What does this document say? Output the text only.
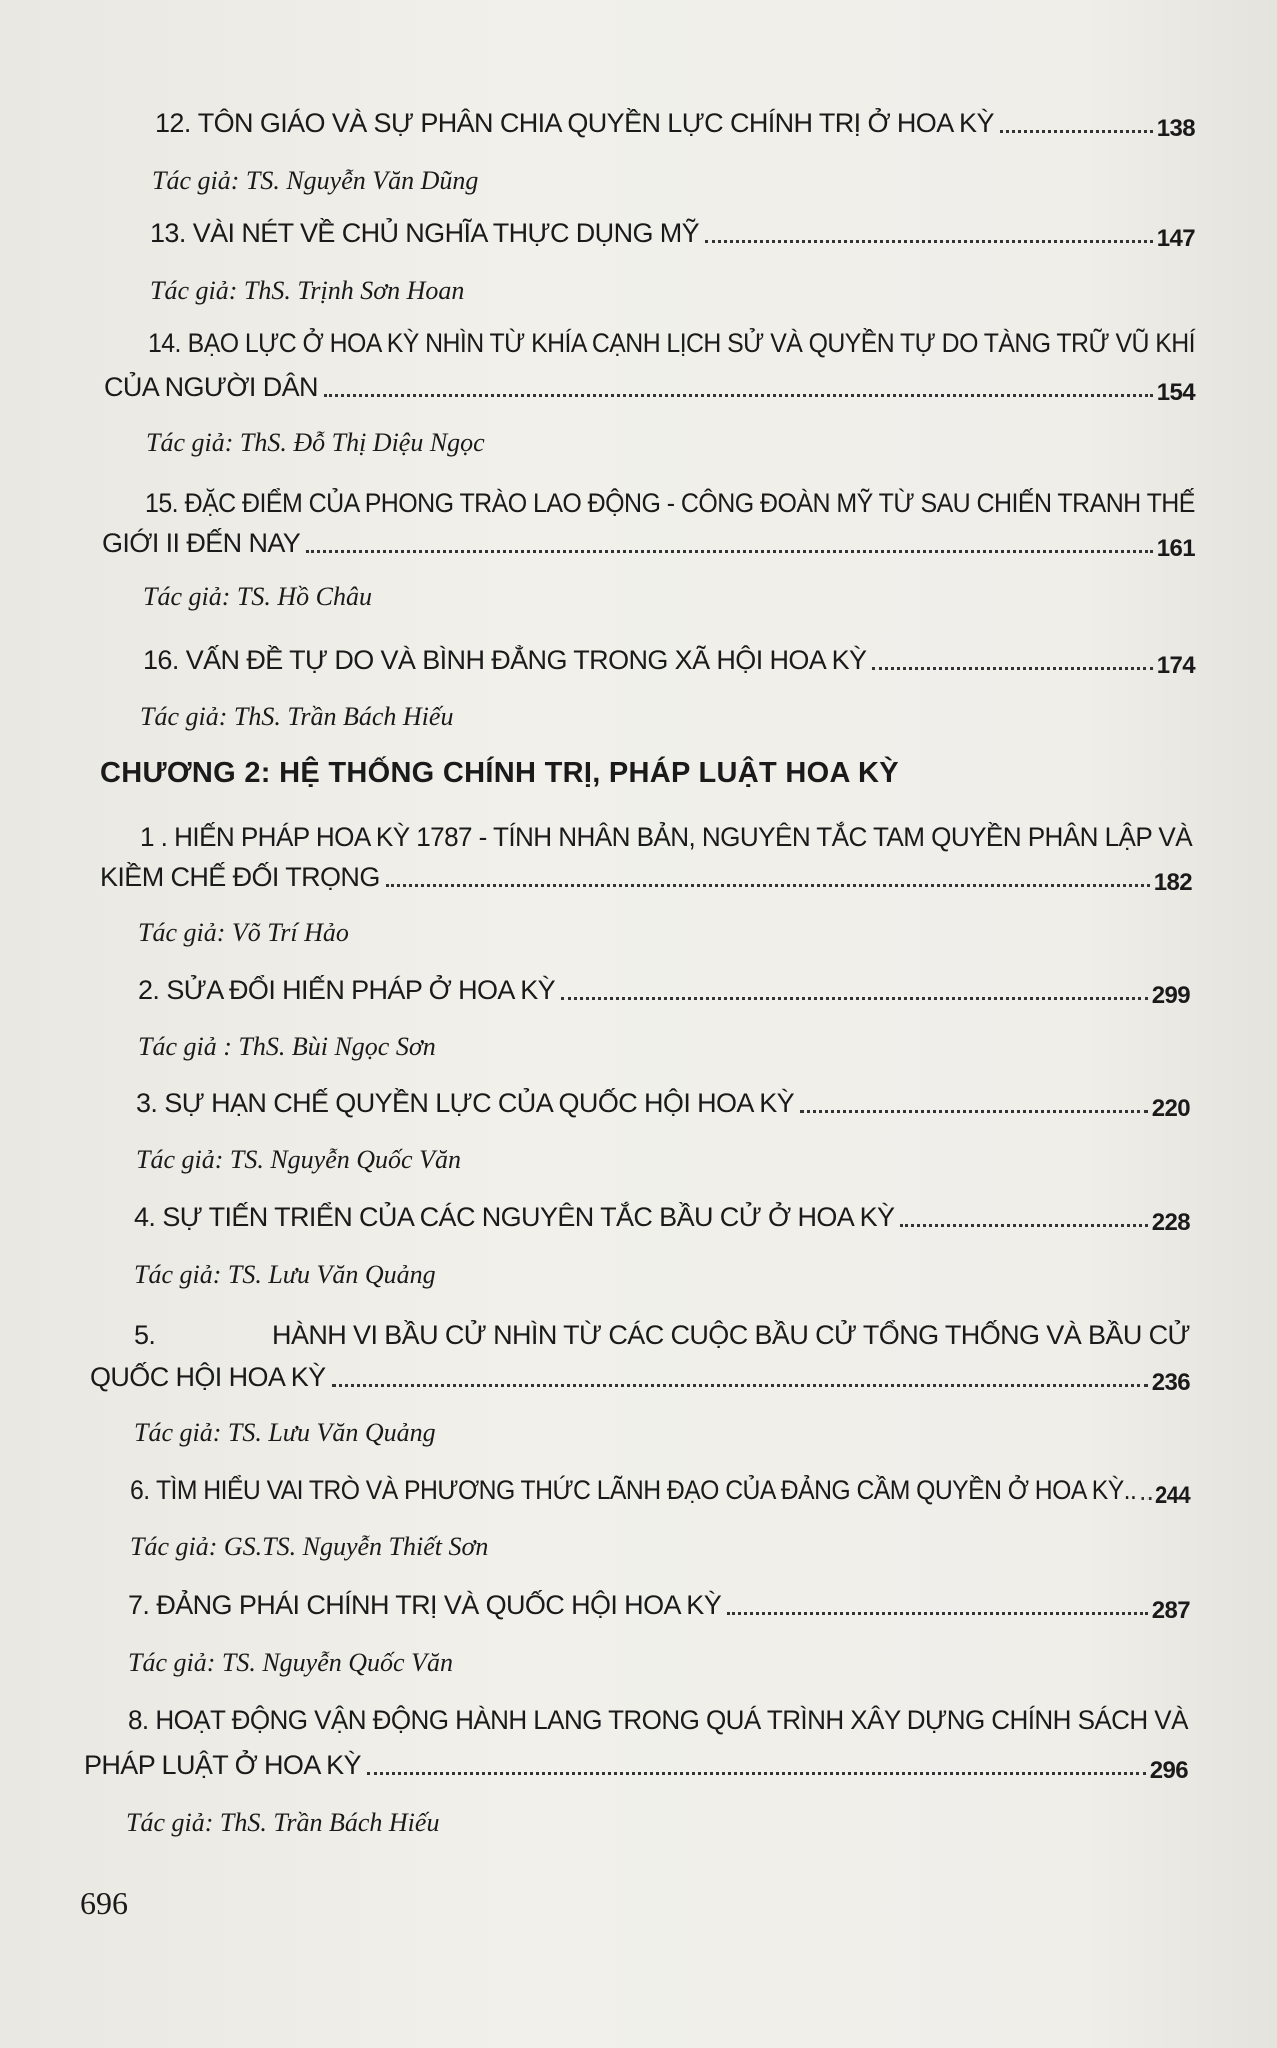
CHƯƠNG 2: HỆ THỐNG CHÍNH TRỊ, PHÁP LUẬT HOA KỲ
12. TÔN GIÁO VÀ SỰ PHÂN CHIA QUYỀN LỰC CHÍNH TRỊ Ở HOA KỲ	138
Tác giả: TS. Nguyễn Văn Dũng
13. VÀI NÉT VỀ CHỦ NGHĨA THỰC DỤNG MỸ	147
Tác giả: ThS. Trịnh Sơn Hoan
14. BẠO LỰC Ở HOA KỲ NHÌN TỪ KHÍA CẠNH LỊCH SỬ VÀ QUYỀN TỰ DO TÀNG TRỮ VŨ KHÍ
CỦA NGƯỜI DÂN	154
Tác giả: ThS. Đỗ Thị Diệu Ngọc
15. ĐẶC ĐIỂM CỦA PHONG TRÀO LAO ĐỘNG - CÔNG ĐOÀN MỸ TỪ SAU CHIẾN TRANH THẾ
GIỚI II ĐẾN NAY	161
Tác giả: TS. Hồ Châu
16. VẤN ĐỀ TỰ DO VÀ BÌNH ĐẲNG TRONG XÃ HỘI HOA KỲ	174
Tác giả: ThS. Trần Bách Hiếu
1 . HIẾN PHÁP HOA KỲ 1787 - TÍNH NHÂN BẢN, NGUYÊN TẮC TAM QUYỀN PHÂN LẬP VÀ
KIỀM CHẾ ĐỐI TRỌNG	182
Tác giả: Võ Trí Hảo
2. SỬA ĐỔI HIẾN PHÁP Ở HOA KỲ	299
Tác giả : ThS. Bùi Ngọc Sơn
3. SỰ HẠN CHẾ QUYỀN LỰC CỦA QUỐC HỘI HOA KỲ	220
Tác giả: TS. Nguyễn Quốc Văn
4. SỰ TIẾN TRIỂN CỦA CÁC NGUYÊN TẮC BẦU CỬ Ở HOA KỲ	228
Tác giả: TS. Lưu Văn Quảng
5.	HÀNH VI BẦU CỬ NHÌN TỪ CÁC CUỘC BẦU CỬ TỔNG THỐNG VÀ BẦU CỬ
QUỐC HỘI HOA KỲ	236
Tác giả: TS. Lưu Văn Quảng
6. TÌM HIỂU VAI TRÒ VÀ PHƯƠNG THỨC LÃNH ĐẠO CỦA ĐẢNG CẦM QUYỀN Ở HOA KỲ.. 244
Tác giả: GS.TS. Nguyễn Thiết Sơn
7. ĐẢNG PHÁI CHÍNH TRỊ VÀ QUỐC HỘI HOA KỲ	287
Tác giả: TS. Nguyễn Quốc Văn
8. HOẠT ĐỘNG VẬN ĐỘNG HÀNH LANG TRONG QUÁ TRÌNH XÂY DỰNG CHÍNH SÁCH VÀ
PHÁP LUẬT Ở HOA KỲ	296
Tác giả: ThS. Trần Bách Hiếu
696
